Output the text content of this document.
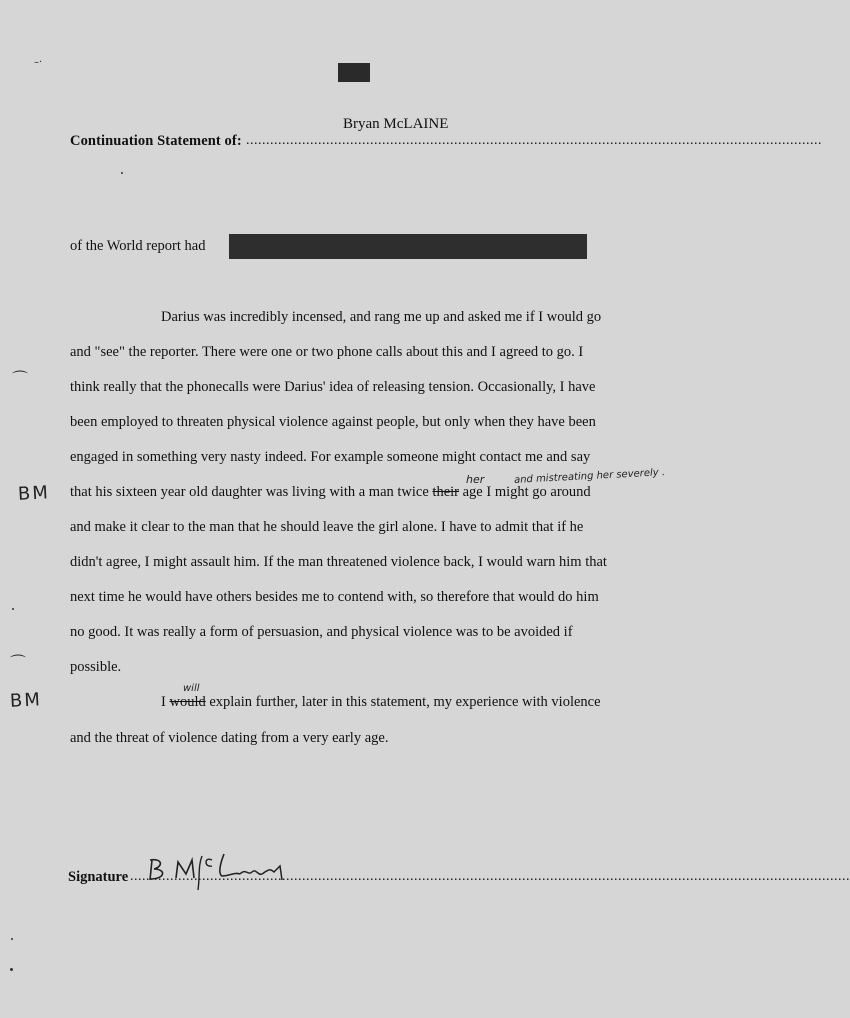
Bryan McLAINE
Continuation Statement of: ................................................................................................................................................
–·
of the World report had
Darius was incredibly incensed, and rang me up and asked me if I would go
and "see" the reporter. There were one or two phone calls about this and I agreed to go. I
think really that the phonecalls were Darius' idea of releasing tension. Occasionally, I have
been employed to threaten physical violence against people, but only when they have been
engaged in something very nasty indeed. For example someone might contact me and say
that his sixteen year old daughter was living with a man twice their age I might go around
her	and mistreating her severely .
and make it clear to the man that he should leave the girl alone. I have to admit that if he
didn't agree, I might assault him. If the man threatened violence back, I would warn him that
next time he would have others besides me to contend with, so therefore that would do him
no good. It was really a form of persuasion, and physical violence was to be avoided if
possible.
I would explain further, later in this statement, my experience with violence
will
and the threat of violence dating from a very early age.
⌒
BM
⌒
BM
Signature ....................................................................................................................................................................................
